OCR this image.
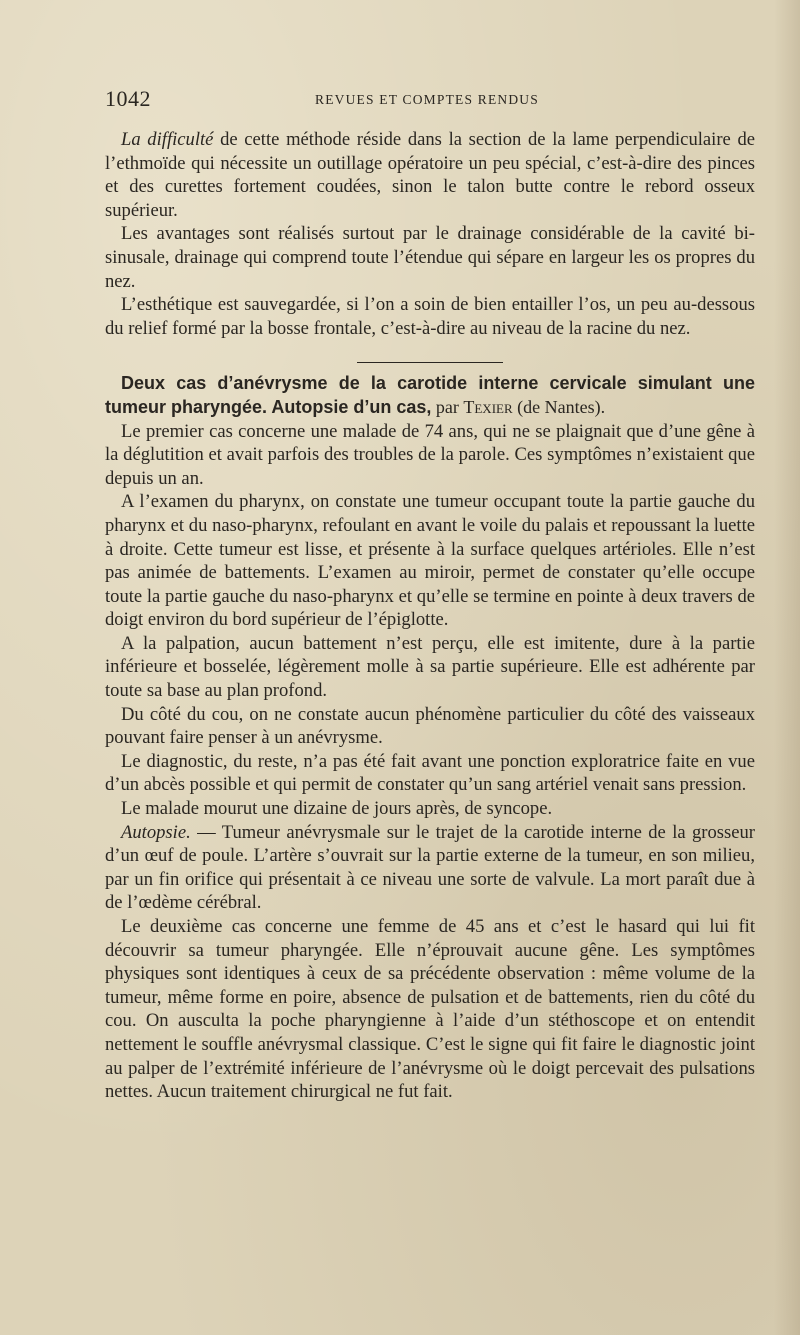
1042	REVUES ET COMPTES RENDUS

La difficulté de cette méthode réside dans la section de la lame perpendiculaire de l’ethmoïde qui nécessite un outillage opératoire un peu spécial, c’est-à-dire des pinces et des curettes fortement coudées, sinon le talon butte contre le rebord osseux supérieur.

Les avantages sont réalisés surtout par le drainage considérable de la cavité bi-sinusale, drainage qui comprend toute l’étendue qui sépare en largeur les os propres du nez.

L’esthétique est sauvegardée, si l’on a soin de bien entailler l’os, un peu au-dessous du relief formé par la bosse frontale, c’est-à-dire au niveau de la racine du nez.

Deux cas d’anévrysme de la carotide interne cervicale simulant une tumeur pharyngée. Autopsie d’un cas, par Texier (de Nantes).

Le premier cas concerne une malade de 74 ans, qui ne se plaignait que d’une gêne à la déglutition et avait parfois des troubles de la parole. Ces symptômes n’existaient que depuis un an.

A l’examen du pharynx, on constate une tumeur occupant toute la partie gauche du pharynx et du naso-pharynx, refoulant en avant le voile du palais et repoussant la luette à droite. Cette tumeur est lisse, et présente à la surface quelques artérioles. Elle n’est pas animée de battements. L’examen au miroir, permet de constater qu’elle occupe toute la partie gauche du naso-pharynx et qu’elle se termine en pointe à deux travers de doigt environ du bord supérieur de l’épiglotte.

A la palpation, aucun battement n’est perçu, elle est imitente, dure à la partie inférieure et bosselée, légèrement molle à sa partie supérieure. Elle est adhérente par toute sa base au plan profond.

Du côté du cou, on ne constate aucun phénomène particulier du côté des vaisseaux pouvant faire penser à un anévrysme.

Le diagnostic, du reste, n’a pas été fait avant une ponction exploratrice faite en vue d’un abcès possible et qui permit de constater qu’un sang artériel venait sans pression.

Le malade mourut une dizaine de jours après, de syncope.

Autopsie. — Tumeur anévrysmale sur le trajet de la carotide interne de la grosseur d’un œuf de poule. L’artère s’ouvrait sur la partie externe de la tumeur, en son milieu, par un fin orifice qui présentait à ce niveau une sorte de valvule. La mort paraît due à de l’œdème cérébral.

Le deuxième cas concerne une femme de 45 ans et c’est le hasard qui lui fit découvrir sa tumeur pharyngée. Elle n’éprouvait aucune gêne. Les symptômes physiques sont identiques à ceux de sa précédente observation : même volume de la tumeur, même forme en poire, absence de pulsation et de battements, rien du côté du cou. On ausculta la poche pharyngienne à l’aide d’un stéthoscope et on entendit nettement le souffle anévrysmal classique. C’est le signe qui fit faire le diagnostic joint au palper de l’extrémité inférieure de l’anévrysme où le doigt percevait des pulsations nettes. Aucun traitement chirurgical ne fut fait.
